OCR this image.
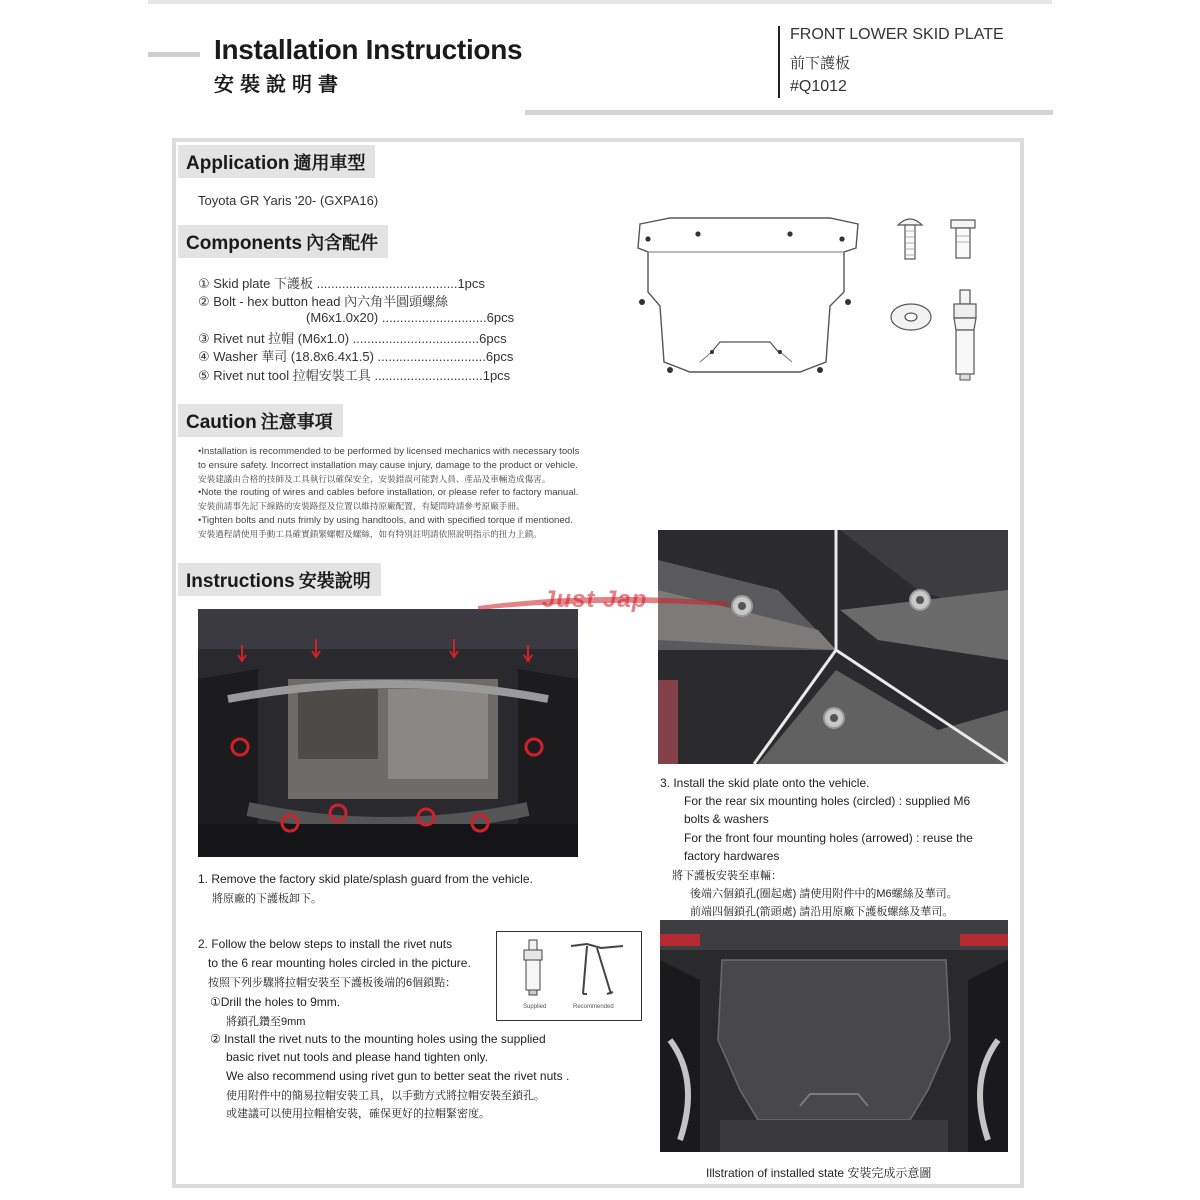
Installation Instructions
安裝說明書
FRONT LOWER SKID PLATE
前下護板
#Q1012
Application 適用車型
Toyota GR Yaris '20- (GXPA16)
Components 內含配件
① Skid plate 下護板 .......................................1pcs
② Bolt - hex button head 內六角半圓頭螺絲
(M6x1.0x20) .............................6pcs
③ Rivet nut 拉帽 (M6x1.0) ...................................6pcs
④ Washer 華司 (18.8x6.4x1.5) ..............................6pcs
⑤ Rivet nut tool 拉帽安裝工具 ..............................1pcs
Caution 注意事項
•Installation is recommended to be performed by licensed mechanics with necessary tools
to ensure safety. Incorrect installation may cause injury, damage to the product or vehicle.
安裝建議由合格的技師及工具執行以確保安全，安裝錯誤可能對人員、產品及車輛造成傷害。
•Note the routing of wires and cables before installation, or please refer to factory manual.
安裝前請事先記下線路的安裝路徑及位置以維持原廠配置，有疑問時請參考原廠手冊。
•Tighten bolts and nuts frimly by using handtools, and with specified torque if mentioned.
安裝過程請使用手動工具確實鎖緊螺帽及螺絲，如有特別註明請依照說明指示的扭力上鎖。
Instructions 安裝說明
1. Remove the factory skid plate/splash guard from the vehicle.
將原廠的下護板卸下。
2. Follow the below steps to install the rivet nuts
to the 6 rear mounting holes circled in the picture.
按照下列步驟將拉帽安裝至下護板後端的6個鎖點：
①Drill the holes to 9mm.
將鎖孔鑽至9mm
② Install the rivet nuts to the mounting holes using the supplied
basic rivet nut tools and please hand tighten only.
We also recommend using rivet gun to better seat the rivet nuts .
使用附件中的簡易拉帽安裝工具，以手動方式將拉帽安裝至鎖孔。
或建議可以使用拉帽槍安裝，確保更好的拉帽緊密度。
Supplied	Recommended
3. Install the skid plate onto the vehicle.
For the rear six mounting holes (circled) : supplied M6
bolts & washers
For the front four mounting holes (arrowed) : reuse the
factory hardwares
將下護板安裝至車輛：
後端六個鎖孔(圈起處) 請使用附件中的M6螺絲及華司。
前端四個鎖孔(箭頭處) 請沿用原廠下護板螺絲及華司。
Illstration of installed state 安裝完成示意圖
Just Jap
